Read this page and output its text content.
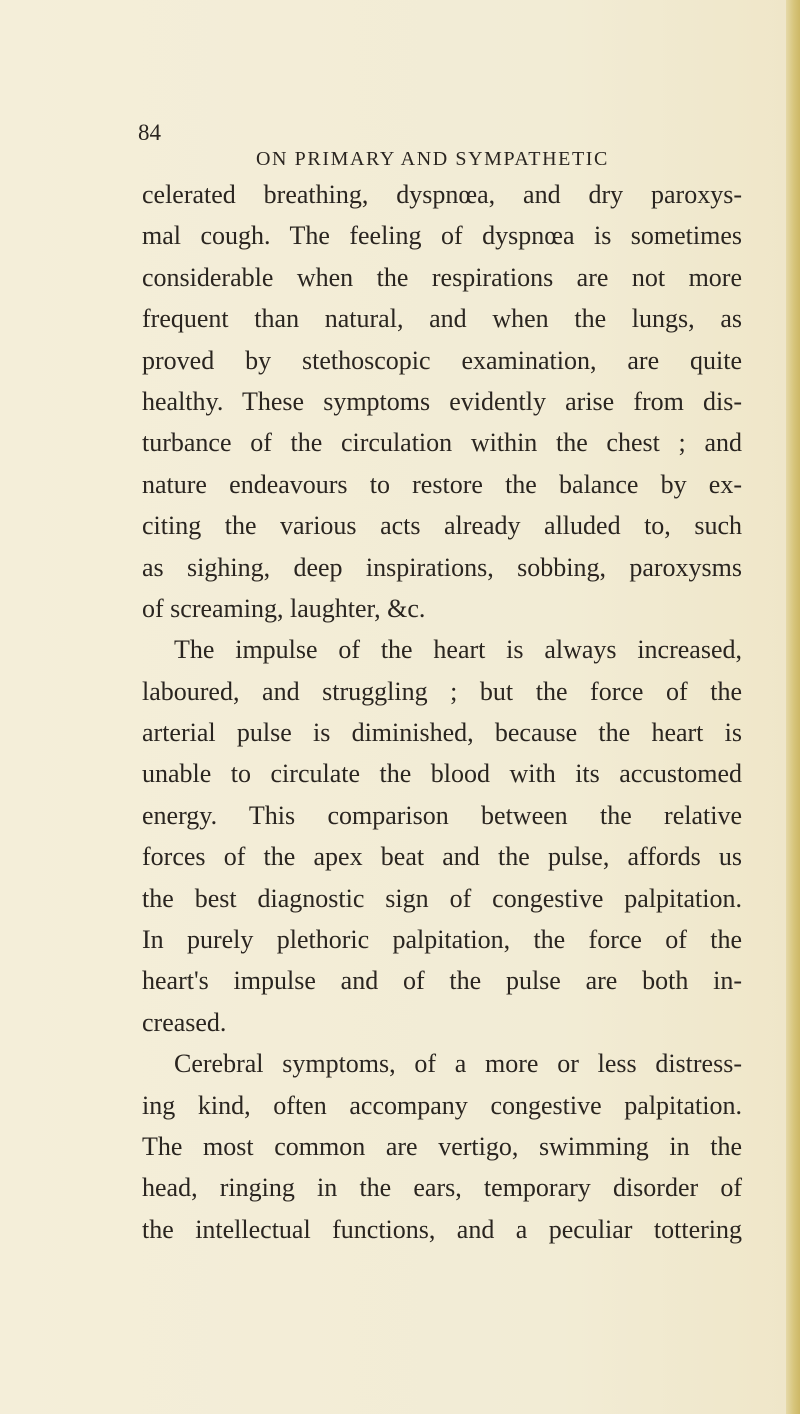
84
ON PRIMARY AND SYMPATHETIC
celerated breathing, dyspnœa, and dry paroxys-
mal cough. The feeling of dyspnœa is sometimes
considerable when the respirations are not more
frequent than natural, and when the lungs, as
proved by stethoscopic examination, are quite
healthy. These symptoms evidently arise from dis-
turbance of the circulation within the chest ; and
nature endeavours to restore the balance by ex-
citing the various acts already alluded to, such
as sighing, deep inspirations, sobbing, paroxysms
of screaming, laughter, &c.
The impulse of the heart is always increased,
laboured, and struggling ; but the force of the
arterial pulse is diminished, because the heart is
unable to circulate the blood with its accustomed
energy. This comparison between the relative
forces of the apex beat and the pulse, affords us
the best diagnostic sign of congestive palpitation.
In purely plethoric palpitation, the force of the
heart's impulse and of the pulse are both in-
creased.
Cerebral symptoms, of a more or less distress-
ing kind, often accompany congestive palpitation.
The most common are vertigo, swimming in the
head, ringing in the ears, temporary disorder of
the intellectual functions, and a peculiar tottering
